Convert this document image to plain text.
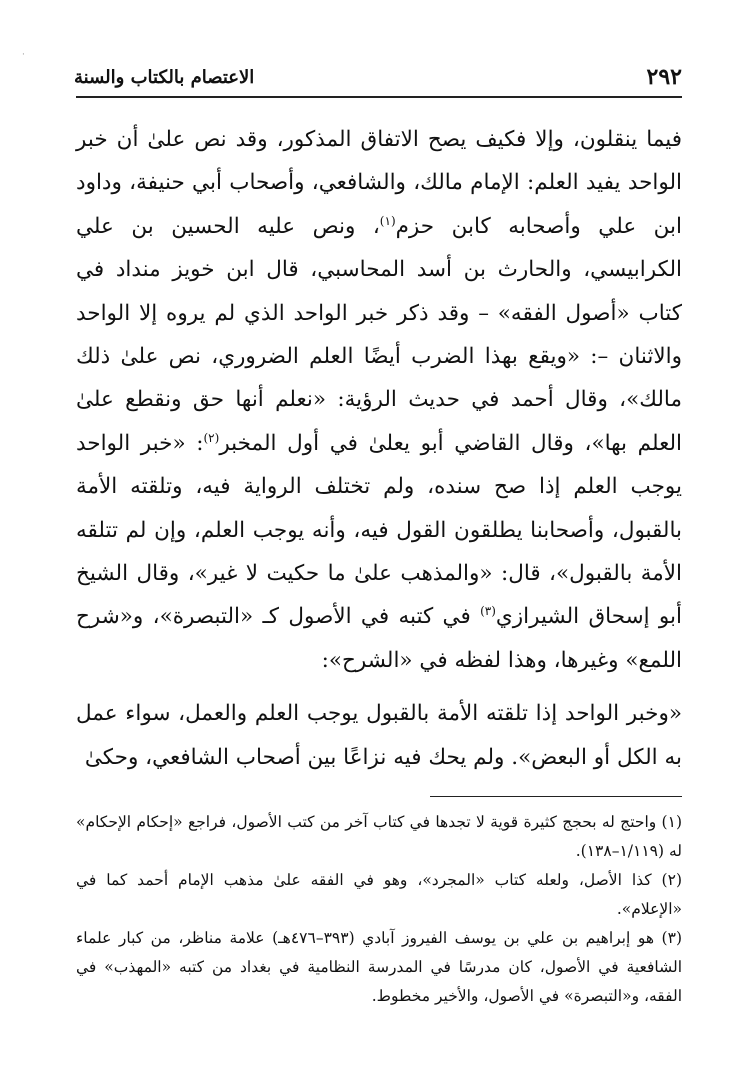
·
٢٩٢
الاعتصام بالكتاب والسنة

فيما ينقلون، وإلا فكيف يصح الاتفاق المذكور، وقد نص علىٰ أن خبر الواحد يفيد العلم: الإمام مالك، والشافعي، وأصحاب أبي حنيفة، وداود ابن علي وأصحابه كابن حزم$^{(١)}$، ونص عليه الحسين بن علي الكرابيسي، والحارث بن أسد المحاسبي، قال ابن خويز منداد في كتاب «أصول الفقه» – وقد ذكر خبر الواحد الذي لم يروه إلا الواحد والاثنان –: «ويقع بهذا الضرب أيضًا العلم الضروري، نص علىٰ ذلك مالك»، وقال أحمد في حديث الرؤية: «نعلم أنها حق ونقطع علىٰ العلم بها»، وقال القاضي أبو يعلىٰ في أول المخبر$^{(٢)}$: «خبر الواحد يوجب العلم إذا صح سنده، ولم تختلف الرواية فيه، وتلقته الأمة بالقبول، وأصحابنا يطلقون القول فيه، وأنه يوجب العلم، وإن لم تتلقه الأمة بالقبول»، قال: «والمذهب علىٰ ما حكيت لا غير»، وقال الشيخ أبو إسحاق الشيرازي$^{(٣)}$ في كتبه في الأصول كـ «التبصرة»، و«شرح اللمع» وغيرها، وهذا لفظه في «الشرح»:

«وخبر الواحد إذا تلقته الأمة بالقبول يوجب العلم والعمل، سواء عمل به الكل أو البعض». ولم يحك فيه نزاعًا بين أصحاب الشافعي، وحكىٰ

(١) واحتج له بحجج كثيرة قوية لا تجدها في كتاب آخر من كتب الأصول، فراجع «إحكام الإحكام» له (١/١١٩–١٣٨).

(٢) كذا الأصل، ولعله كتاب «المجرد»، وهو في الفقه علىٰ مذهب الإمام أحمد كما في «الإعلام».

(٣) هو إبراهيم بن علي بن يوسف الفيروز آبادي (٣٩٣–٤٧٦هـ) علامة مناظر، من كبار علماء الشافعية في الأصول، كان مدرسًا في المدرسة النظامية في بغداد من كتبه «المهذب» في الفقه، و«التبصرة» في الأصول، والأخير مخطوط.
